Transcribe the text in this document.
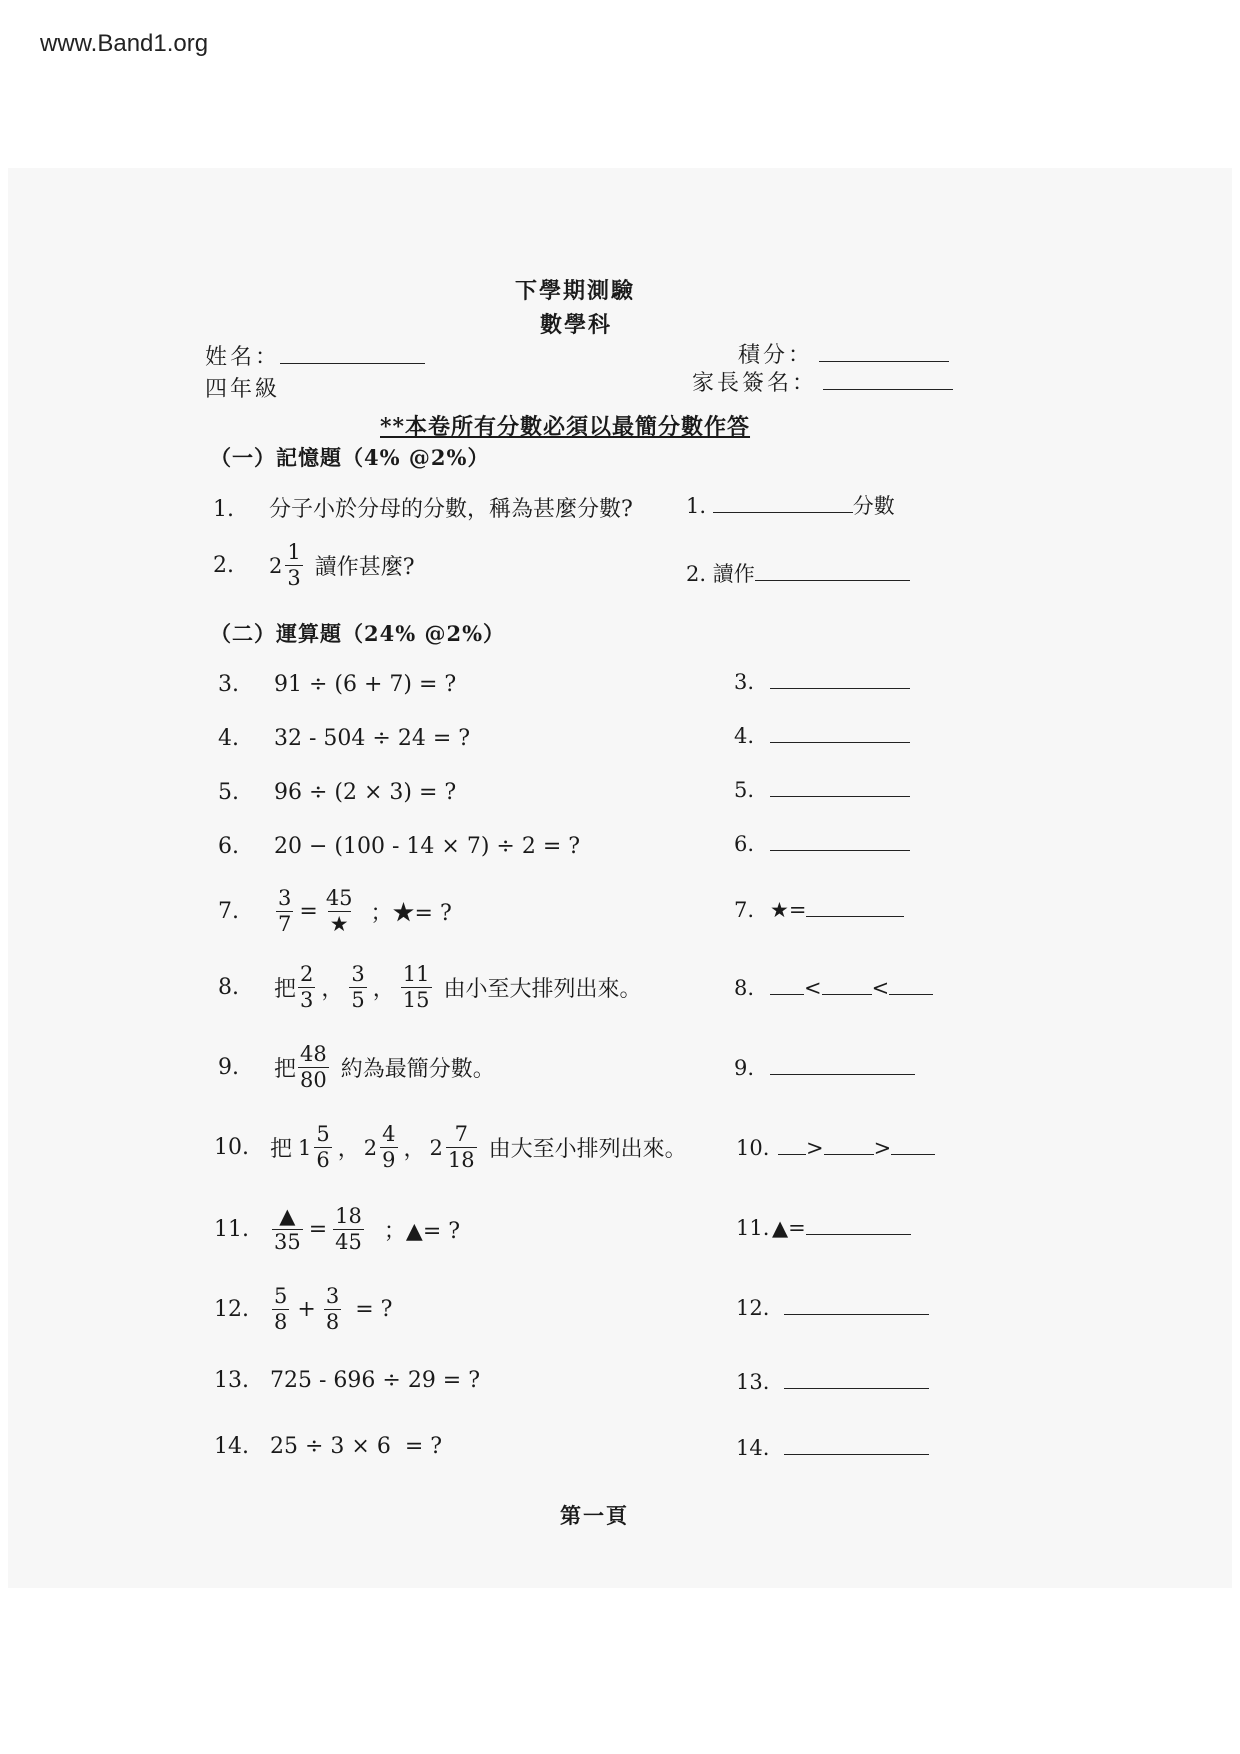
www.Band1.org
下學期測驗
數學科
姓名：
四年級
積分：
家長簽名：
**本卷所有分數必須以最簡分數作答
（一）記憶題（4% @2%）
1. 分子小於分母的分數，稱為甚麼分數?	1.	分數
2.	$2 \frac{1}{3}$ 讀作甚麼?	2. 讀作
（二）運算題（24% @2%）
3. 91 ÷ (6 + 7) = ?	3.
4. 32 - 504 ÷ 24 = ?	4.
5. 96 ÷ (2 × 3) = ?	5.
6. 20 − (100 - 14 × 7) ÷ 2 = ?	6.
7.	$\frac{3}{7} = \frac{45}{★}$ ；★= ?	7. ★=
8.	把 $\frac{2}{3}$ ， $\frac{3}{5}$ ， $\frac{11}{15}$ 由小至大排列出來。	8. < <
9.	把 $\frac{48}{80}$ 約為最簡分數。	9.
10. 把 $1 \frac{5}{6}$ ， $2 \frac{4}{9}$ ， $2 \frac{7}{18}$ 由大至小排列出來。 10. > >
11.	$\frac{▲}{35} = \frac{18}{45}$ ；▲= ?	11. ▲=
12.	$\frac{5}{8} + \frac{3}{8}$ = ?	12.
13. 725 - 696 ÷ 29 = ?	13.
14. 25 ÷ 3 × 6  = ?	14.
第一頁
